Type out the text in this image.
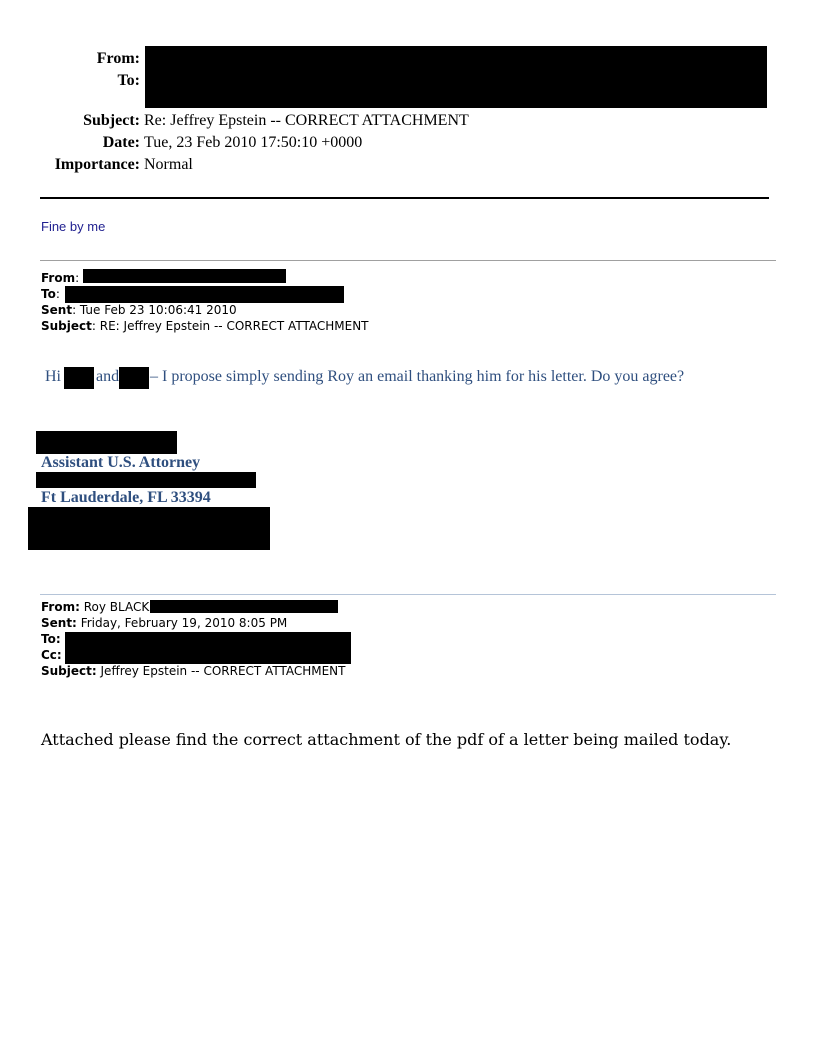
From:
To:
Subject: Re: Jeffrey Epstein -- CORRECT ATTACHMENT
Date: Tue, 23 Feb 2010 17:50:10 +0000
Importance: Normal
Fine by me
From:
To:
Sent: Tue Feb 23 10:06:41 2010
Subject: RE: Jeffrey Epstein -- CORRECT ATTACHMENT
Hi and – I propose simply sending Roy an email thanking him for his letter. Do you agree?
Assistant U.S. Attorney
Ft Lauderdale, FL 33394
From: Roy BLACK
Sent: Friday, February 19, 2010 8:05 PM
To:
Cc:
Subject: Jeffrey Epstein -- CORRECT ATTACHMENT
Attached please find the correct attachment of the pdf of a letter being mailed today.
